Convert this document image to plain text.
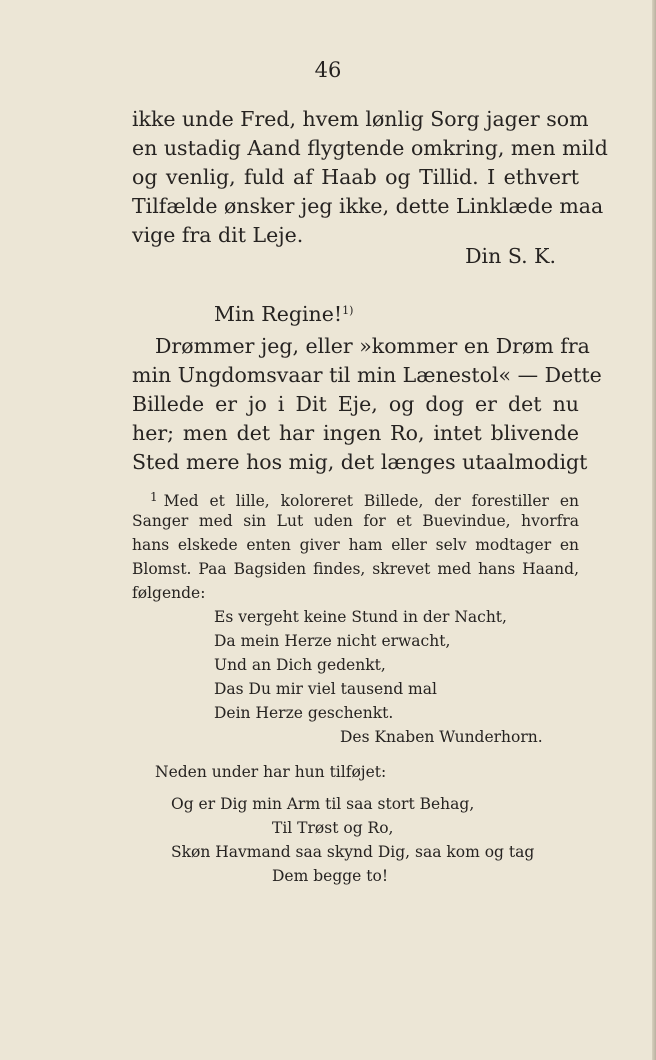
46
ikke unde Fred, hvem lønlig Sorg jager som
en ustadig Aand flygtende omkring, men mild
og venlig, fuld af Haab og Tillid. I ethvert
Tilfælde ønsker jeg ikke, dette Linklæde maa
vige fra dit Leje.
Din S. K.
Min Regine!$^{1)}$
Drømmer jeg, eller »kommer en Drøm fra
min Ungdomsvaar til min Lænestol« — Dette
Billede er jo i Dit Eje, og dog er det nu
her; men det har ingen Ro, intet blivende
Sted mere hos mig, det længes utaalmodigt
$^1$ Med et lille, koloreret Billede, der forestiller en
Sanger med sin Lut uden for et Buevindue, hvorfra
hans elskede enten giver ham eller selv modtager en
Blomst. Paa Bagsiden findes, skrevet med hans Haand,
følgende:
Es vergeht keine Stund in der Nacht,
Da mein Herze nicht erwacht,
Und an Dich gedenkt,
Das Du mir viel tausend mal
Dein Herze geschenkt.
Des Knaben Wunderhorn.
Neden under har hun tilføjet:
Og er Dig min Arm til saa stort Behag,
Til Trøst og Ro,
Skøn Havmand saa skynd Dig, saa kom og tag
Dem begge to!
